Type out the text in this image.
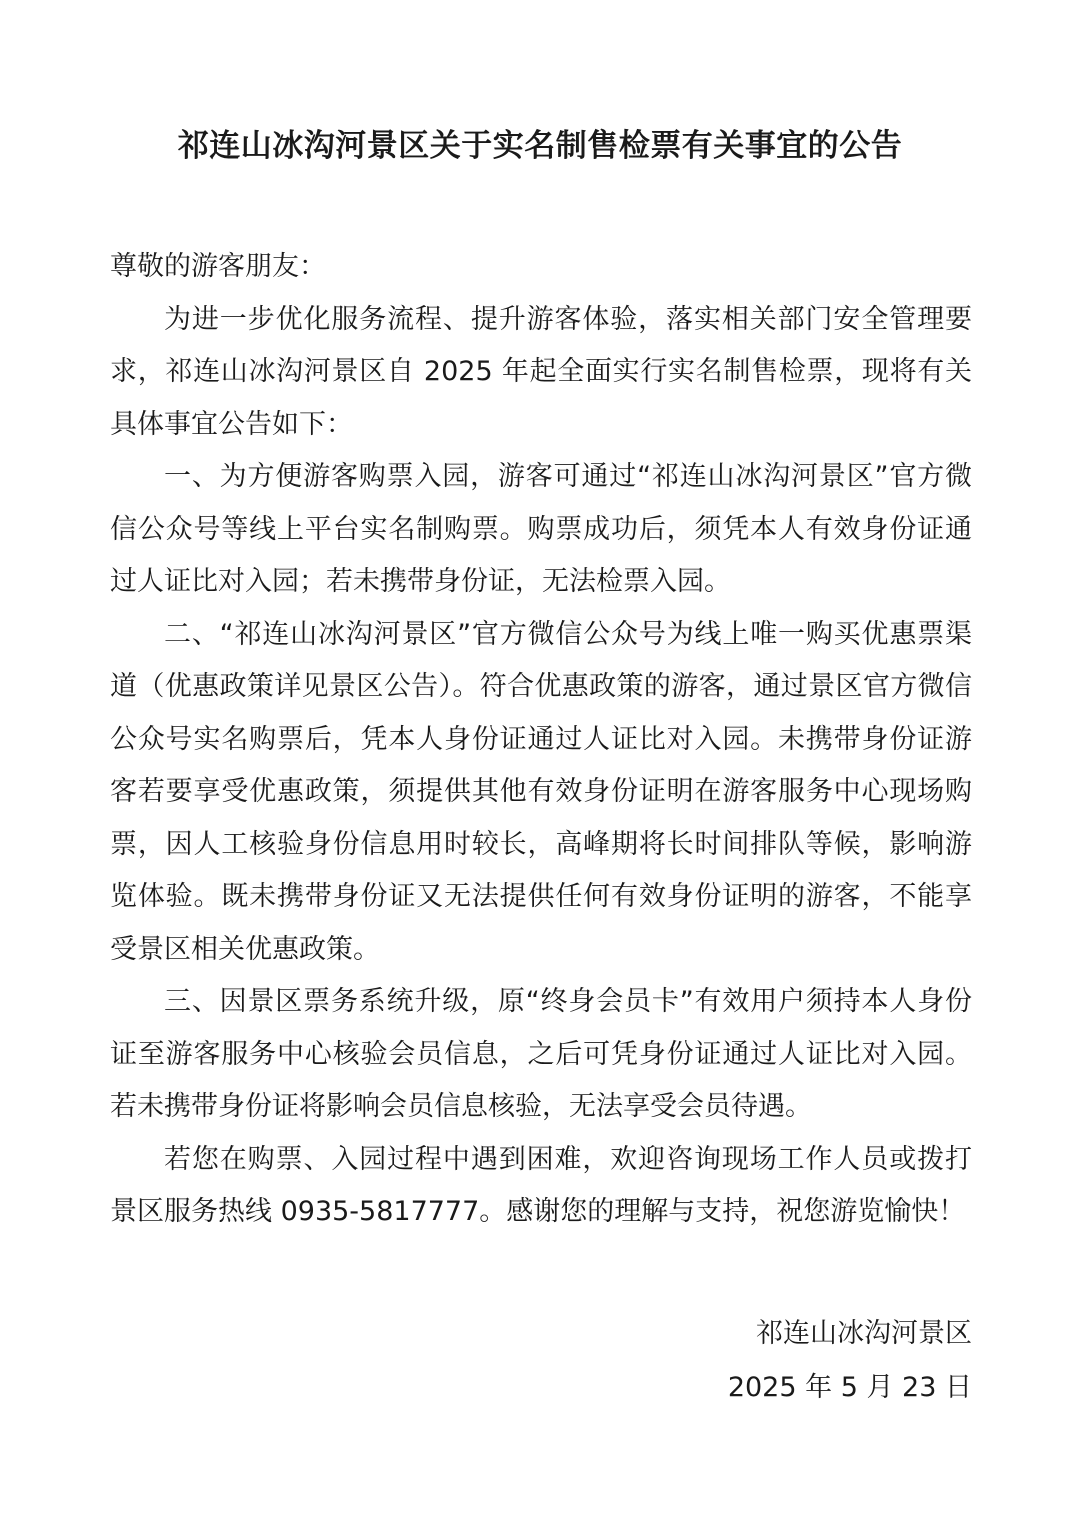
祁连山冰沟河景区关于实名制售检票有关事宜的公告

尊敬的游客朋友：

为进一步优化服务流程、提升游客体验，落实相关部门安全管理要求，祁连山冰沟河景区自 2025 年起全面实行实名制售检票，现将有关具体事宜公告如下：

一、为方便游客购票入园，游客可通过“祁连山冰沟河景区”官方微信公众号等线上平台实名制购票。购票成功后，须凭本人有效身份证通过人证比对入园；若未携带身份证，无法检票入园。

二、“祁连山冰沟河景区”官方微信公众号为线上唯一购买优惠票渠道（优惠政策详见景区公告）。符合优惠政策的游客，通过景区官方微信公众号实名购票后，凭本人身份证通过人证比对入园。未携带身份证游客若要享受优惠政策，须提供其他有效身份证明在游客服务中心现场购票，因人工核验身份信息用时较长，高峰期将长时间排队等候，影响游览体验。既未携带身份证又无法提供任何有效身份证明的游客，不能享受景区相关优惠政策。

三、因景区票务系统升级，原“终身会员卡”有效用户须持本人身份证至游客服务中心核验会员信息，之后可凭身份证通过人证比对入园。若未携带身份证将影响会员信息核验，无法享受会员待遇。

若您在购票、入园过程中遇到困难，欢迎咨询现场工作人员或拨打景区服务热线 0935-5817777。感谢您的理解与支持，祝您游览愉快！

祁连山冰沟河景区
2025 年 5 月 23 日
